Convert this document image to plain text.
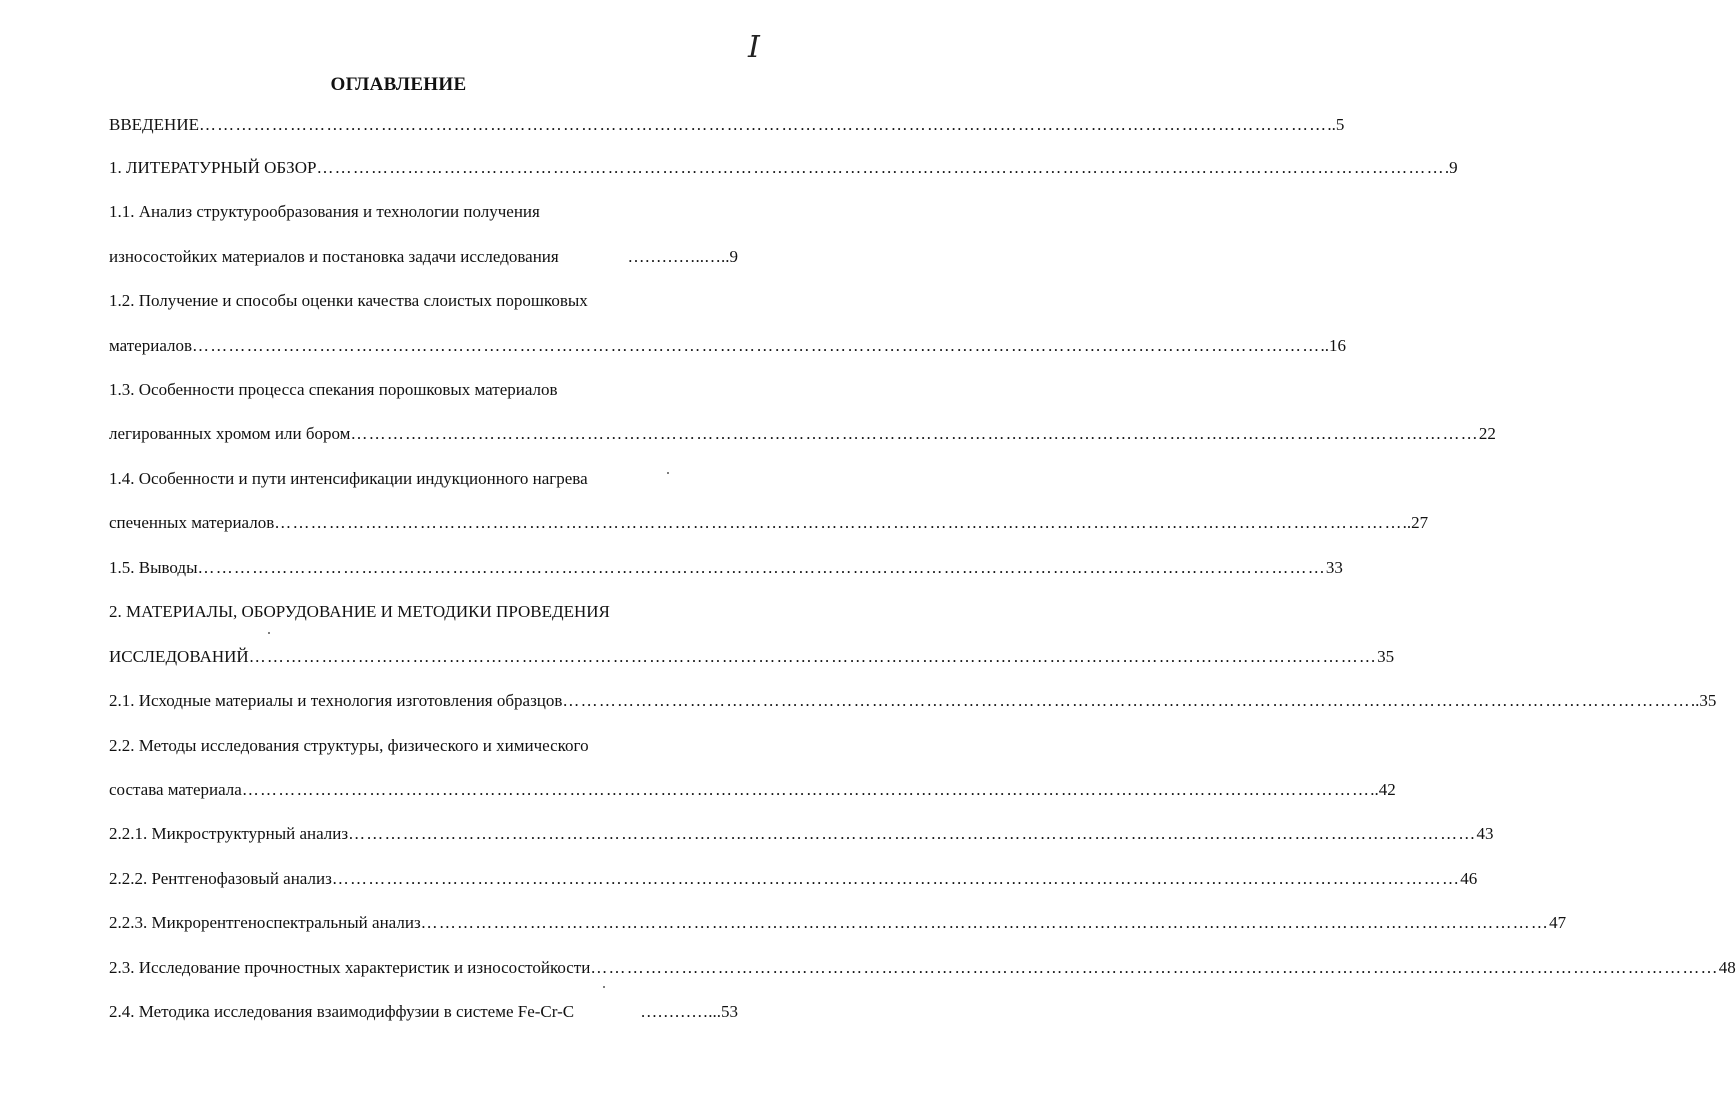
I
ОГЛАВЛЕНИЕ
ВВЕДЕНИЕ …………………………………………………………………………………………………………………………………………………………………… ..5
1. ЛИТЕРАТУРНЫЙ ОБЗОР …………………………………………………………………………………………………………………………………………………………………… .9
1.1. Анализ структурообразования и технологии получения
износостойких материалов и постановка задачи исследования	…………..…..9
1.2. Получение и способы оценки качества слоистых порошковых
материалов …………………………………………………………………………………………………………………………………………………………………… ..16
1.3. Особенности процесса спекания порошковых материалов
легированных хромом или бором …………………………………………………………………………………………………………………………………………………………………… 22
1.4. Особенности и пути интенсификации индукционного нагрева
спеченных материалов …………………………………………………………………………………………………………………………………………………………………… ..27
1.5. Выводы …………………………………………………………………………………………………………………………………………………………………… 33
2. МАТЕРИАЛЫ, ОБОРУДОВАНИЕ И МЕТОДИКИ ПРОВЕДЕНИЯ
ИССЛЕДОВАНИЙ …………………………………………………………………………………………………………………………………………………………………… 35
2.1. Исходные материалы и технология изготовления образцов …………………………………………………………………………………………………………………………………………………………………… ..35
2.2. Методы исследования структуры, физического и химического
состава материала …………………………………………………………………………………………………………………………………………………………………… ..42
2.2.1. Микроструктурный анализ …………………………………………………………………………………………………………………………………………………………………… 43
2.2.2. Рентгенофазовый анализ …………………………………………………………………………………………………………………………………………………………………… 46
2.2.3. Микрорентгеноспектральный анализ …………………………………………………………………………………………………………………………………………………………………… 47
2.3. Исследование прочностных характеристик и износостойкости …………………………………………………………………………………………………………………………………………………………………… 48
2.4. Методика исследования взаимодиффузии в системе Fe-Cr-C	…………...53
